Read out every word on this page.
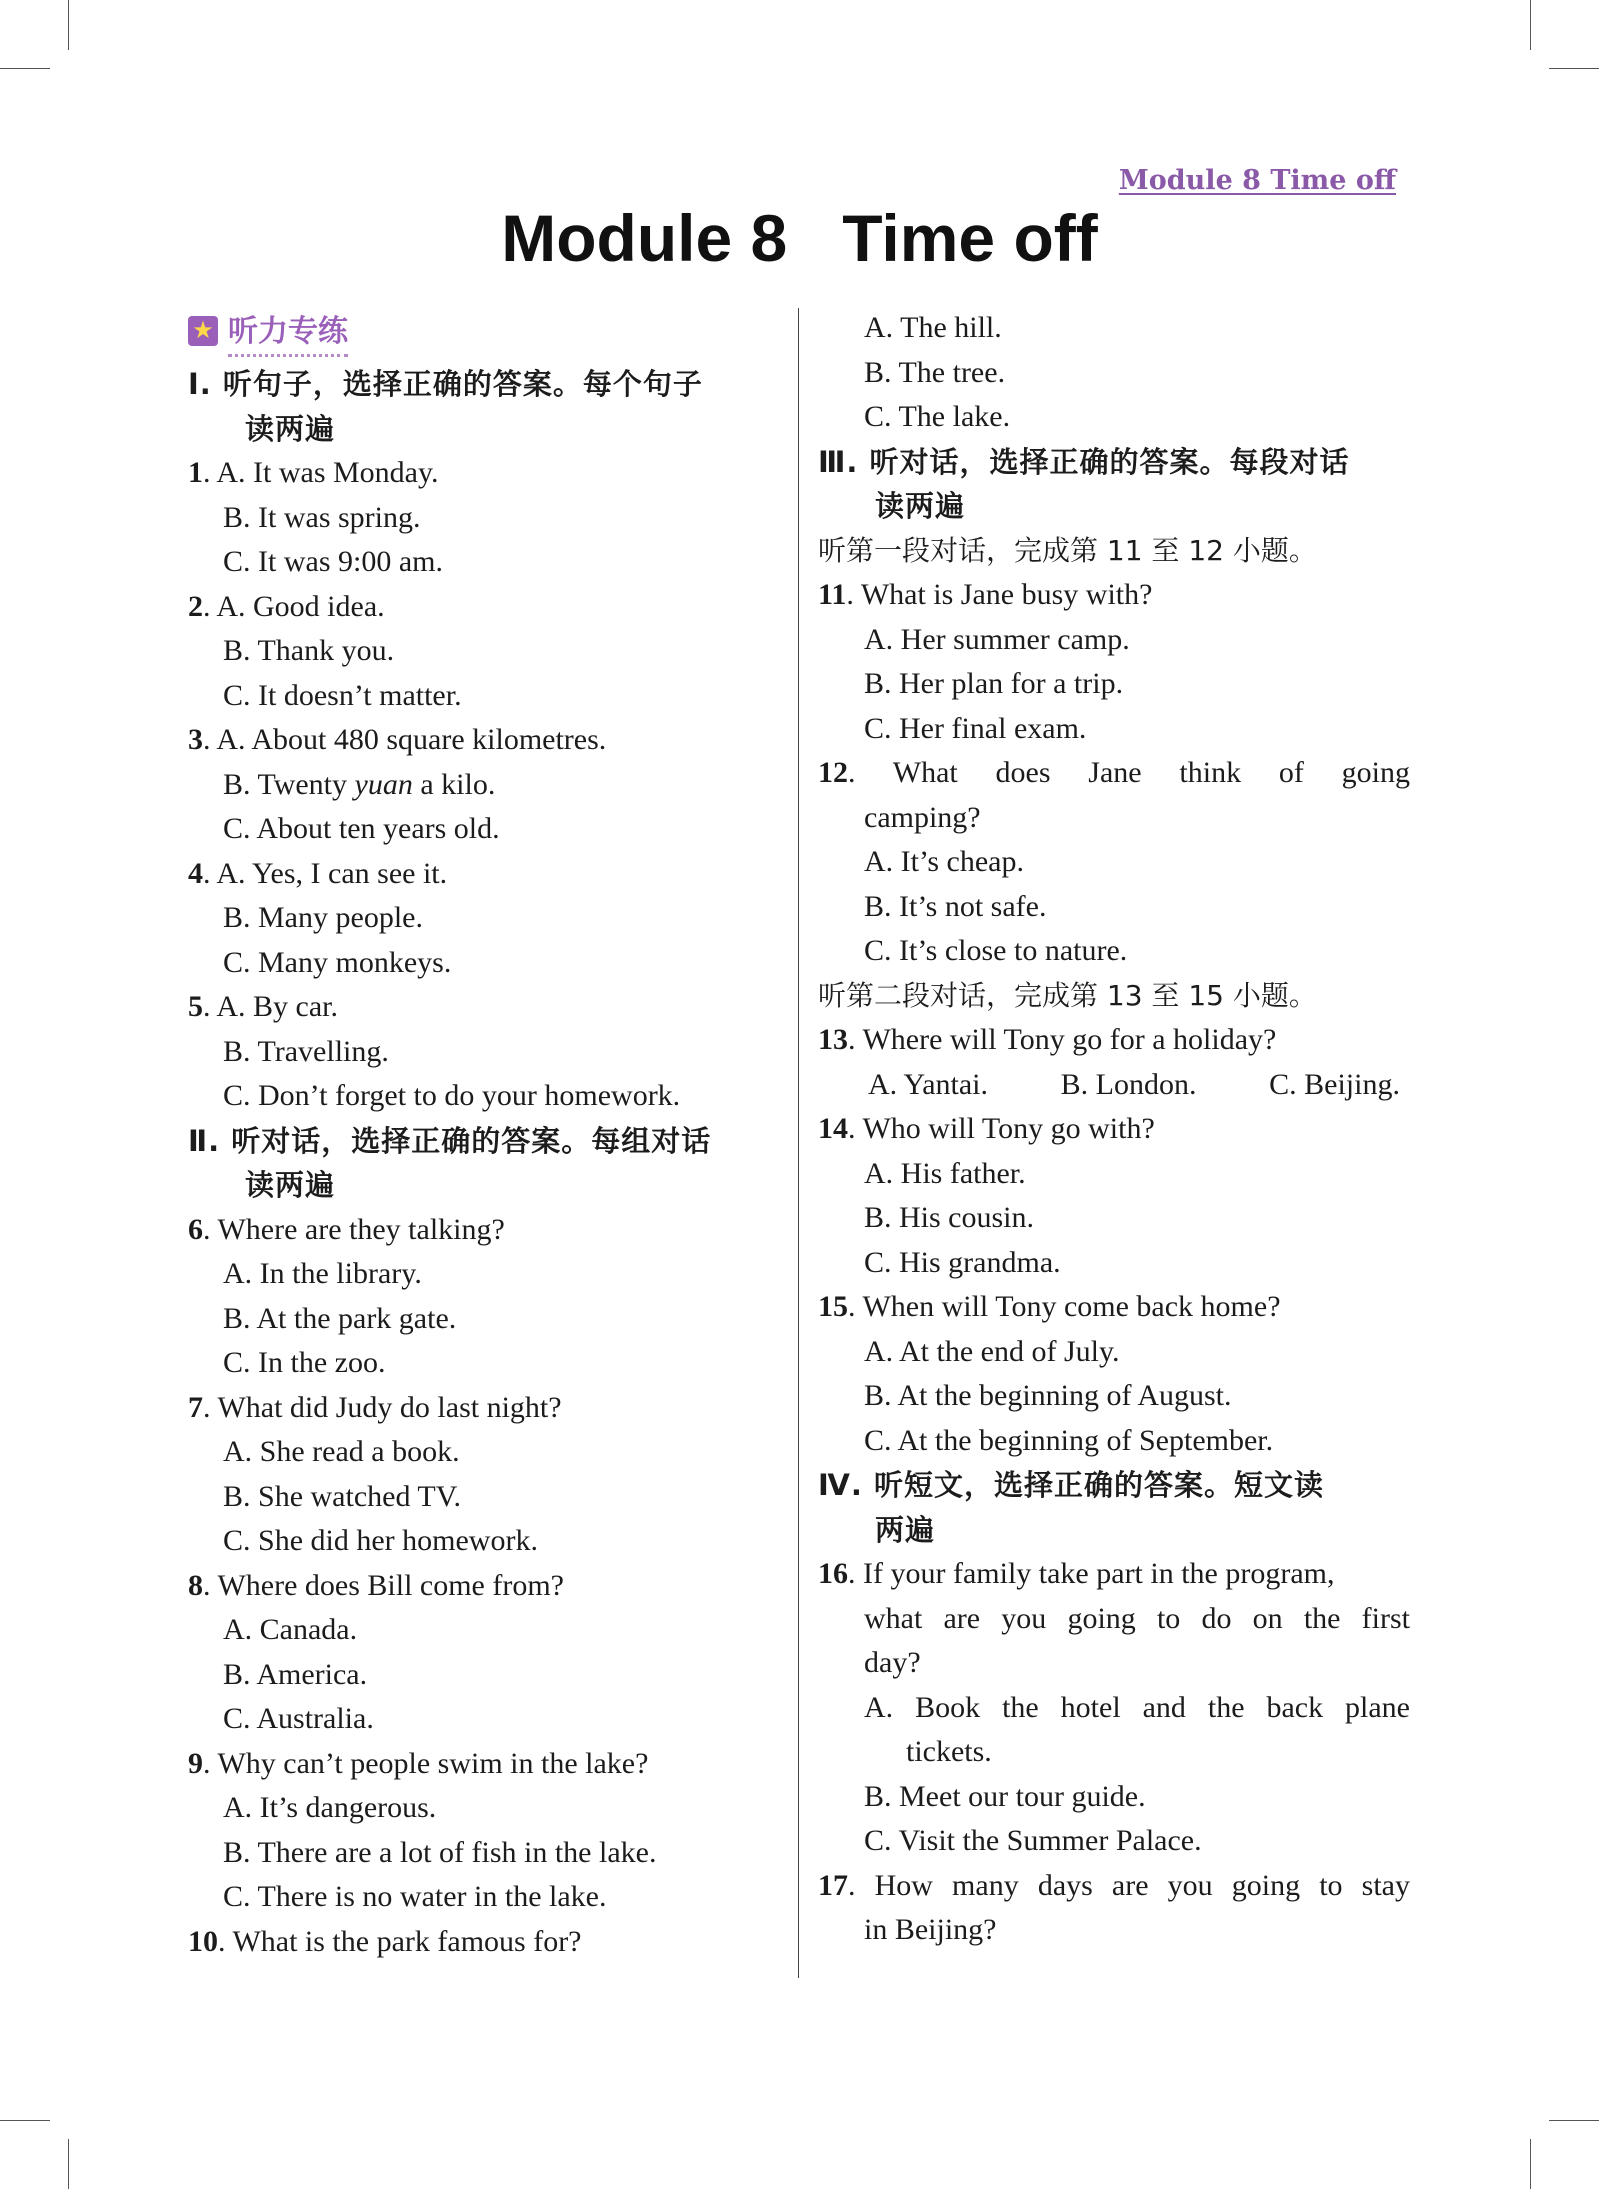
Module 8 Time off

Module 8   Time off
★ 听力专练
Ⅰ. 听句子，选择正确的答案。每个句子
读两遍
1. A. It was Monday.
B. It was spring.
C. It was 9:00 am.
2. A. Good idea.
B. Thank you.
C. It doesn’t matter.
3. A. About 480 square kilometres.
B. Twenty yuan a kilo.
C. About ten years old.
4. A. Yes, I can see it.
B. Many people.
C. Many monkeys.
5. A. By car.
B. Travelling.
C. Don’t forget to do your homework.
Ⅱ. 听对话，选择正确的答案。每组对话
读两遍
6. Where are they talking?
A. In the library.
B. At the park gate.
C. In the zoo.
7. What did Judy do last night?
A. She read a book.
B. She watched TV.
C. She did her homework.
8. Where does Bill come from?
A. Canada.
B. America.
C. Australia.
9. Why can’t people swim in the lake?
A. It’s dangerous.
B. There are a lot of fish in the lake.
C. There is no water in the lake.
10. What is the park famous for?
A. The hill.
B. The tree.
C. The lake.
Ⅲ. 听对话，选择正确的答案。每段对话
读两遍
听第一段对话，完成第 11 至 12 小题。
11. What is Jane busy with?
A. Her summer camp.
B. Her plan for a trip.
C. Her final exam.
12. What does Jane think of going
camping?
A. It’s cheap.
B. It’s not safe.
C. It’s close to nature.
听第二段对话，完成第 13 至 15 小题。
13. Where will Tony go for a holiday?
A. Yantai. B. London. C. Beijing.
14. Who will Tony go with?
A. His father.
B. His cousin.
C. His grandma.
15. When will Tony come back home?
A. At the end of July.
B. At the beginning of August.
C. At the beginning of September.
Ⅳ. 听短文，选择正确的答案。短文读
两遍
16. If your family take part in the program,
what are you going to do on the first
day?
A. Book the hotel and the back plane
tickets.
B. Meet our tour guide.
C. Visit the Summer Palace.
17. How many days are you going to stay
in Beijing?
